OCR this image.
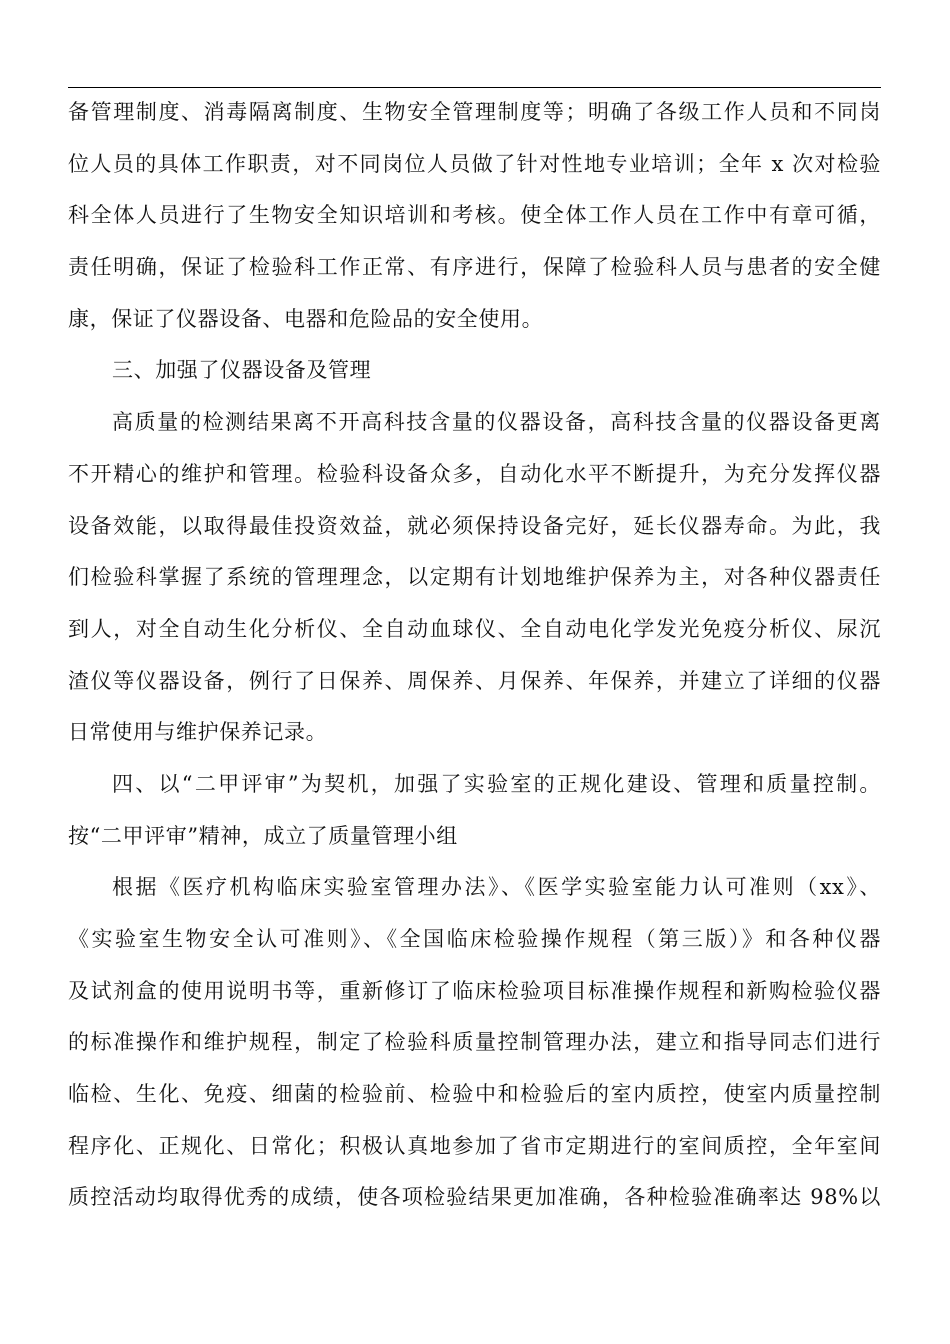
备管理制度、消毒隔离制度、生物安全管理制度等；明确了各级工作人员和不同岗
位人员的具体工作职责，对不同岗位人员做了针对性地专业培训；全年 x 次对检验
科全体人员进行了生物安全知识培训和考核。使全体工作人员在工作中有章可循，
责任明确，保证了检验科工作正常、有序进行，保障了检验科人员与患者的安全健
康，保证了仪器设备、电器和危险品的安全使用。
三、加强了仪器设备及管理
高质量的检测结果离不开高科技含量的仪器设备，高科技含量的仪器设备更离
不开精心的维护和管理。检验科设备众多，自动化水平不断提升，为充分发挥仪器
设备效能，以取得最佳投资效益，就必须保持设备完好，延长仪器寿命。为此，我
们检验科掌握了系统的管理理念，以定期有计划地维护保养为主，对各种仪器责任
到人，对全自动生化分析仪、全自动血球仪、全自动电化学发光免疫分析仪、尿沉
渣仪等仪器设备，例行了日保养、周保养、月保养、年保养，并建立了详细的仪器
日常使用与维护保养记录。
四、以“二甲评审”为契机，加强了实验室的正规化建设、管理和质量控制。
按“二甲评审”精神，成立了质量管理小组
根据《医疗机构临床实验室管理办法》、《医学实验室能力认可准则（xx》、
《实验室生物安全认可准则》、《全国临床检验操作规程（第三版）》和各种仪器
及试剂盒的使用说明书等，重新修订了临床检验项目标准操作规程和新购检验仪器
的标准操作和维护规程，制定了检验科质量控制管理办法，建立和指导同志们进行
临检、生化、免疫、细菌的检验前、检验中和检验后的室内质控，使室内质量控制
程序化、正规化、日常化；积极认真地参加了省市定期进行的室间质控，全年室间
质控活动均取得优秀的成绩，使各项检验结果更加准确，各种检验准确率达 98%以
